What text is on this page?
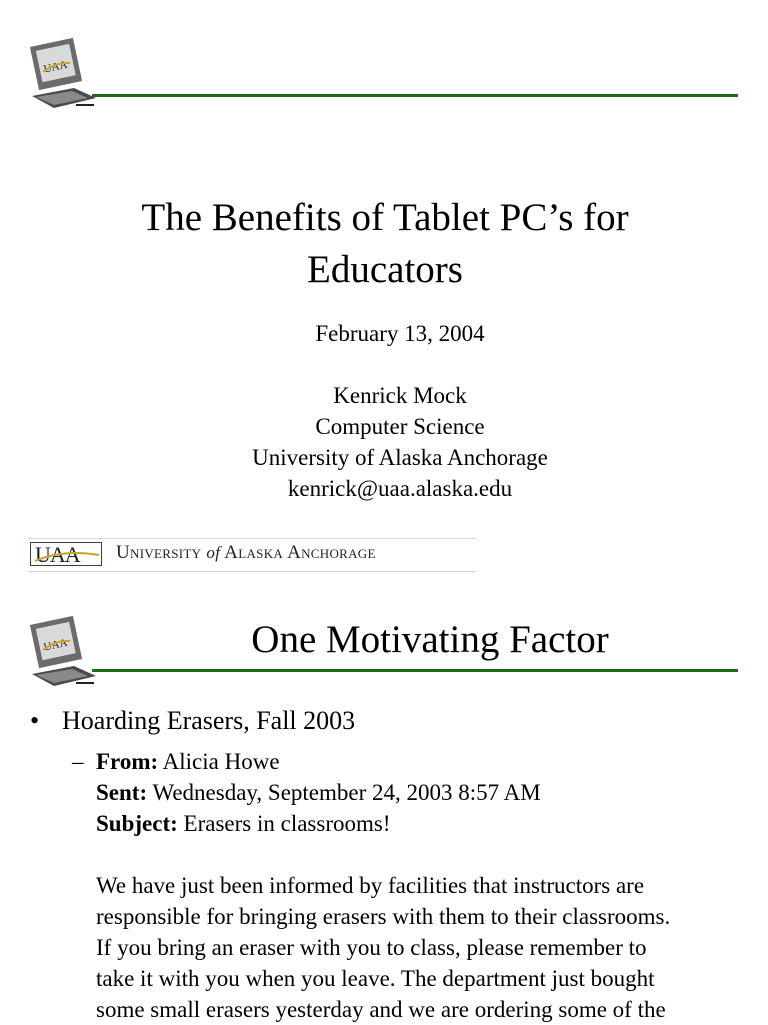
UAA
The Benefits of Tablet PC’s for
Educators
February 13, 2004
Kenrick Mock
Computer Science
University of Alaska Anchorage
kenrick@uaa.alaska.edu
UAA University of Alaska Anchorage
UAA	One Motivating Factor
• Hoarding Erasers, Fall 2003
– From: Alicia Howe
Sent: Wednesday, September 24, 2003 8:57 AM
Subject: Erasers in classrooms!
We have just been informed by facilities that instructors are
responsible for bringing erasers with them to their classrooms.
If you bring an eraser with you to class, please remember to
take it with you when you leave. The department just bought
some small erasers yesterday and we are ordering some of the
